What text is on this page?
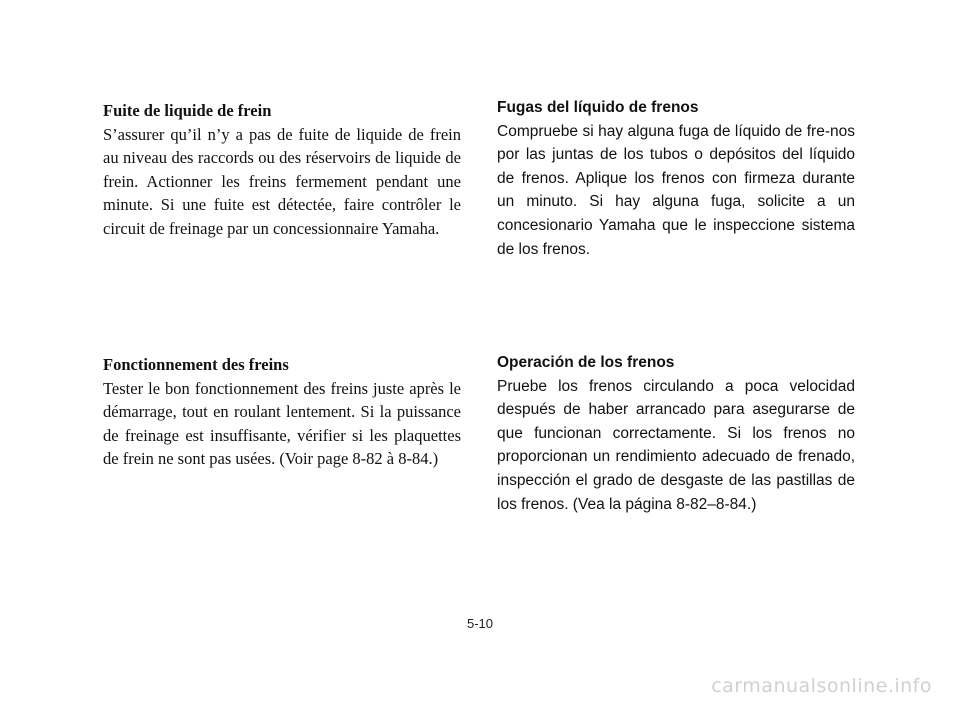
Fuite de liquide de frein

S’assurer qu’il n’y a pas de fuite de liquide de frein au niveau des raccords ou des réservoirs de liquide de frein. Actionner les freins fermement pendant une minute. Si une fuite est détectée, faire contrôler le circuit de freinage par un concessionnaire Yamaha.

Fugas del líquido de frenos

Compruebe si hay alguna fuga de líquido de fre-nos por las juntas de los tubos o depósitos del líquido de frenos. Aplique los frenos con firmeza durante un minuto. Si hay alguna fuga, solicite a un concesionario Yamaha que le inspeccione sistema de los frenos.

Fonctionnement des freins

Tester le bon fonctionnement des freins juste après le démarrage, tout en roulant lentement. Si la puissance de freinage est insuffisante, vérifier si les plaquettes de frein ne sont pas usées. (Voir page 8-82 à 8-84.)

Operación de los frenos

Pruebe los frenos circulando a poca velocidad después de haber arrancado para asegurarse de que funcionan correctamente. Si los frenos no proporcionan un rendimiento adecuado de frenado, inspección el grado de desgaste de las pastillas de los frenos. (Vea la página 8-82–8-84.)

5-10
carmanualsonline.info
